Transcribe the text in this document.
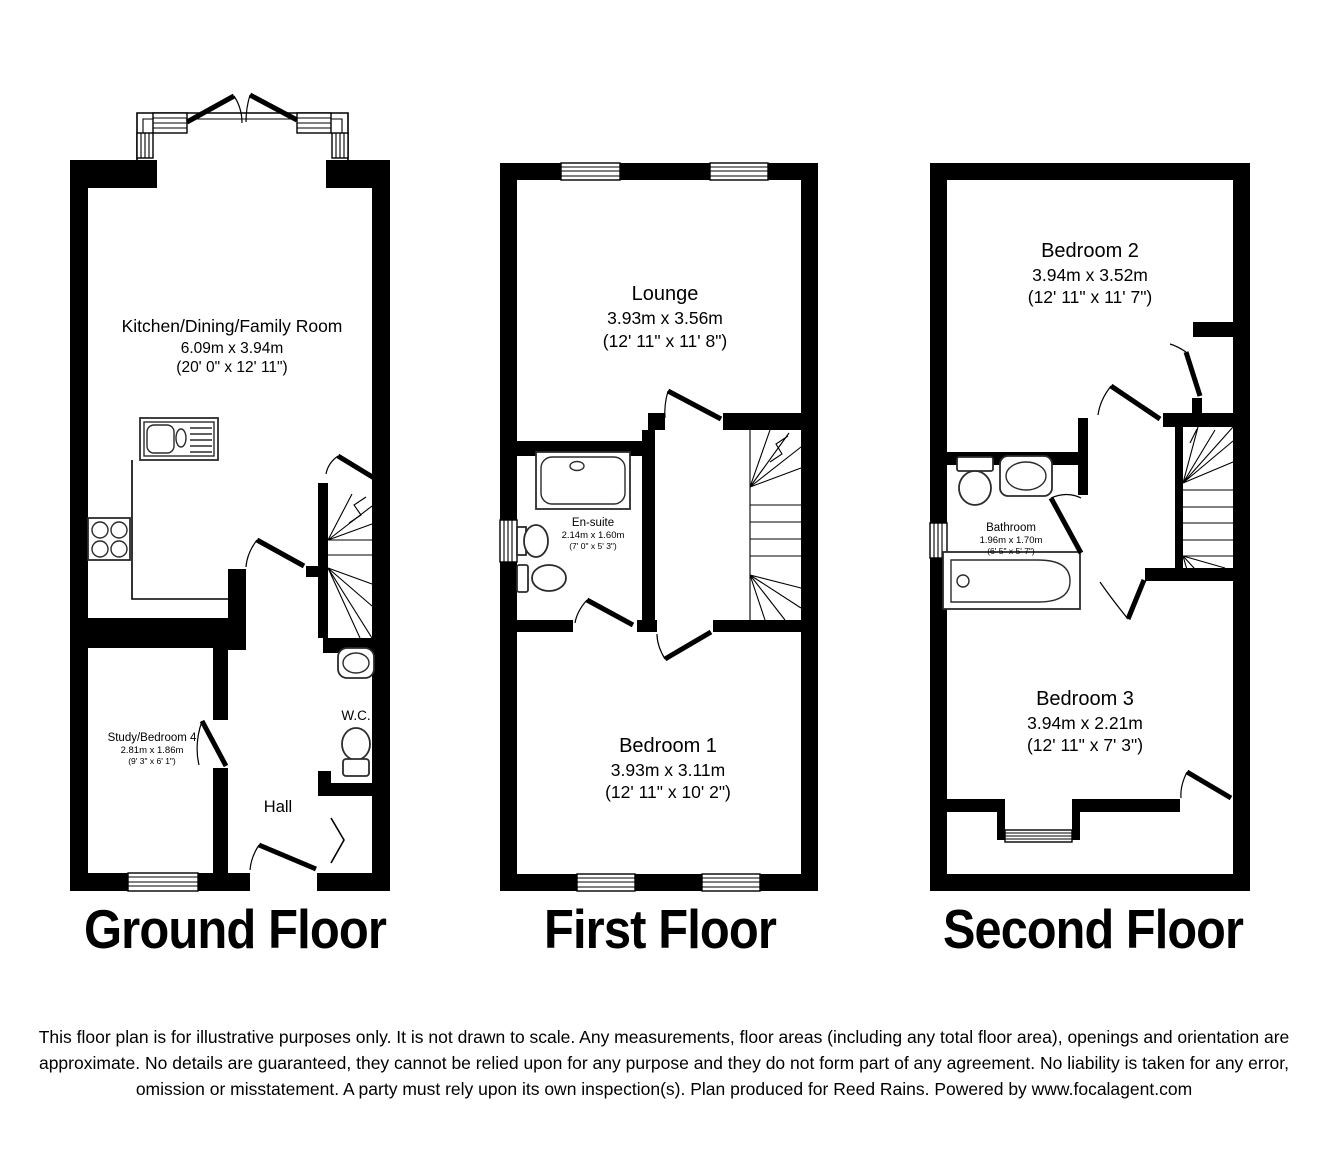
Kitchen/Dining/Family Room
6.09m x 3.94m
(20' 0" x 12' 11")
Study/Bedroom 4
2.81m x 1.86m
(9' 3" x 6' 1")
Hall
W.C.
Ground Floor
Lounge
3.93m x 3.56m
(12' 11" x 11' 8")
En-suite
2.14m x 1.60m
(7' 0" x 5' 3")
Bedroom 1
3.93m x 3.11m
(12' 11" x 10' 2")
First Floor
Bedroom 2
3.94m x 3.52m
(12' 11" x 11' 7")
Bathroom
1.96m x 1.70m
(6' 5" x 5' 7")
Bedroom 3
3.94m x 2.21m
(12' 11" x 7' 3")
Second Floor
This floor plan is for illustrative purposes only. It is not drawn to scale. Any measurements, floor areas (including any total floor area), openings and orientation are approximate. No details are guaranteed, they cannot be relied upon for any purpose and they do not form part of any agreement. No liability is taken for any error, omission or misstatement. A party must rely upon its own inspection(s). Plan produced for Reed Rains. Powered by www.focalagent.com
